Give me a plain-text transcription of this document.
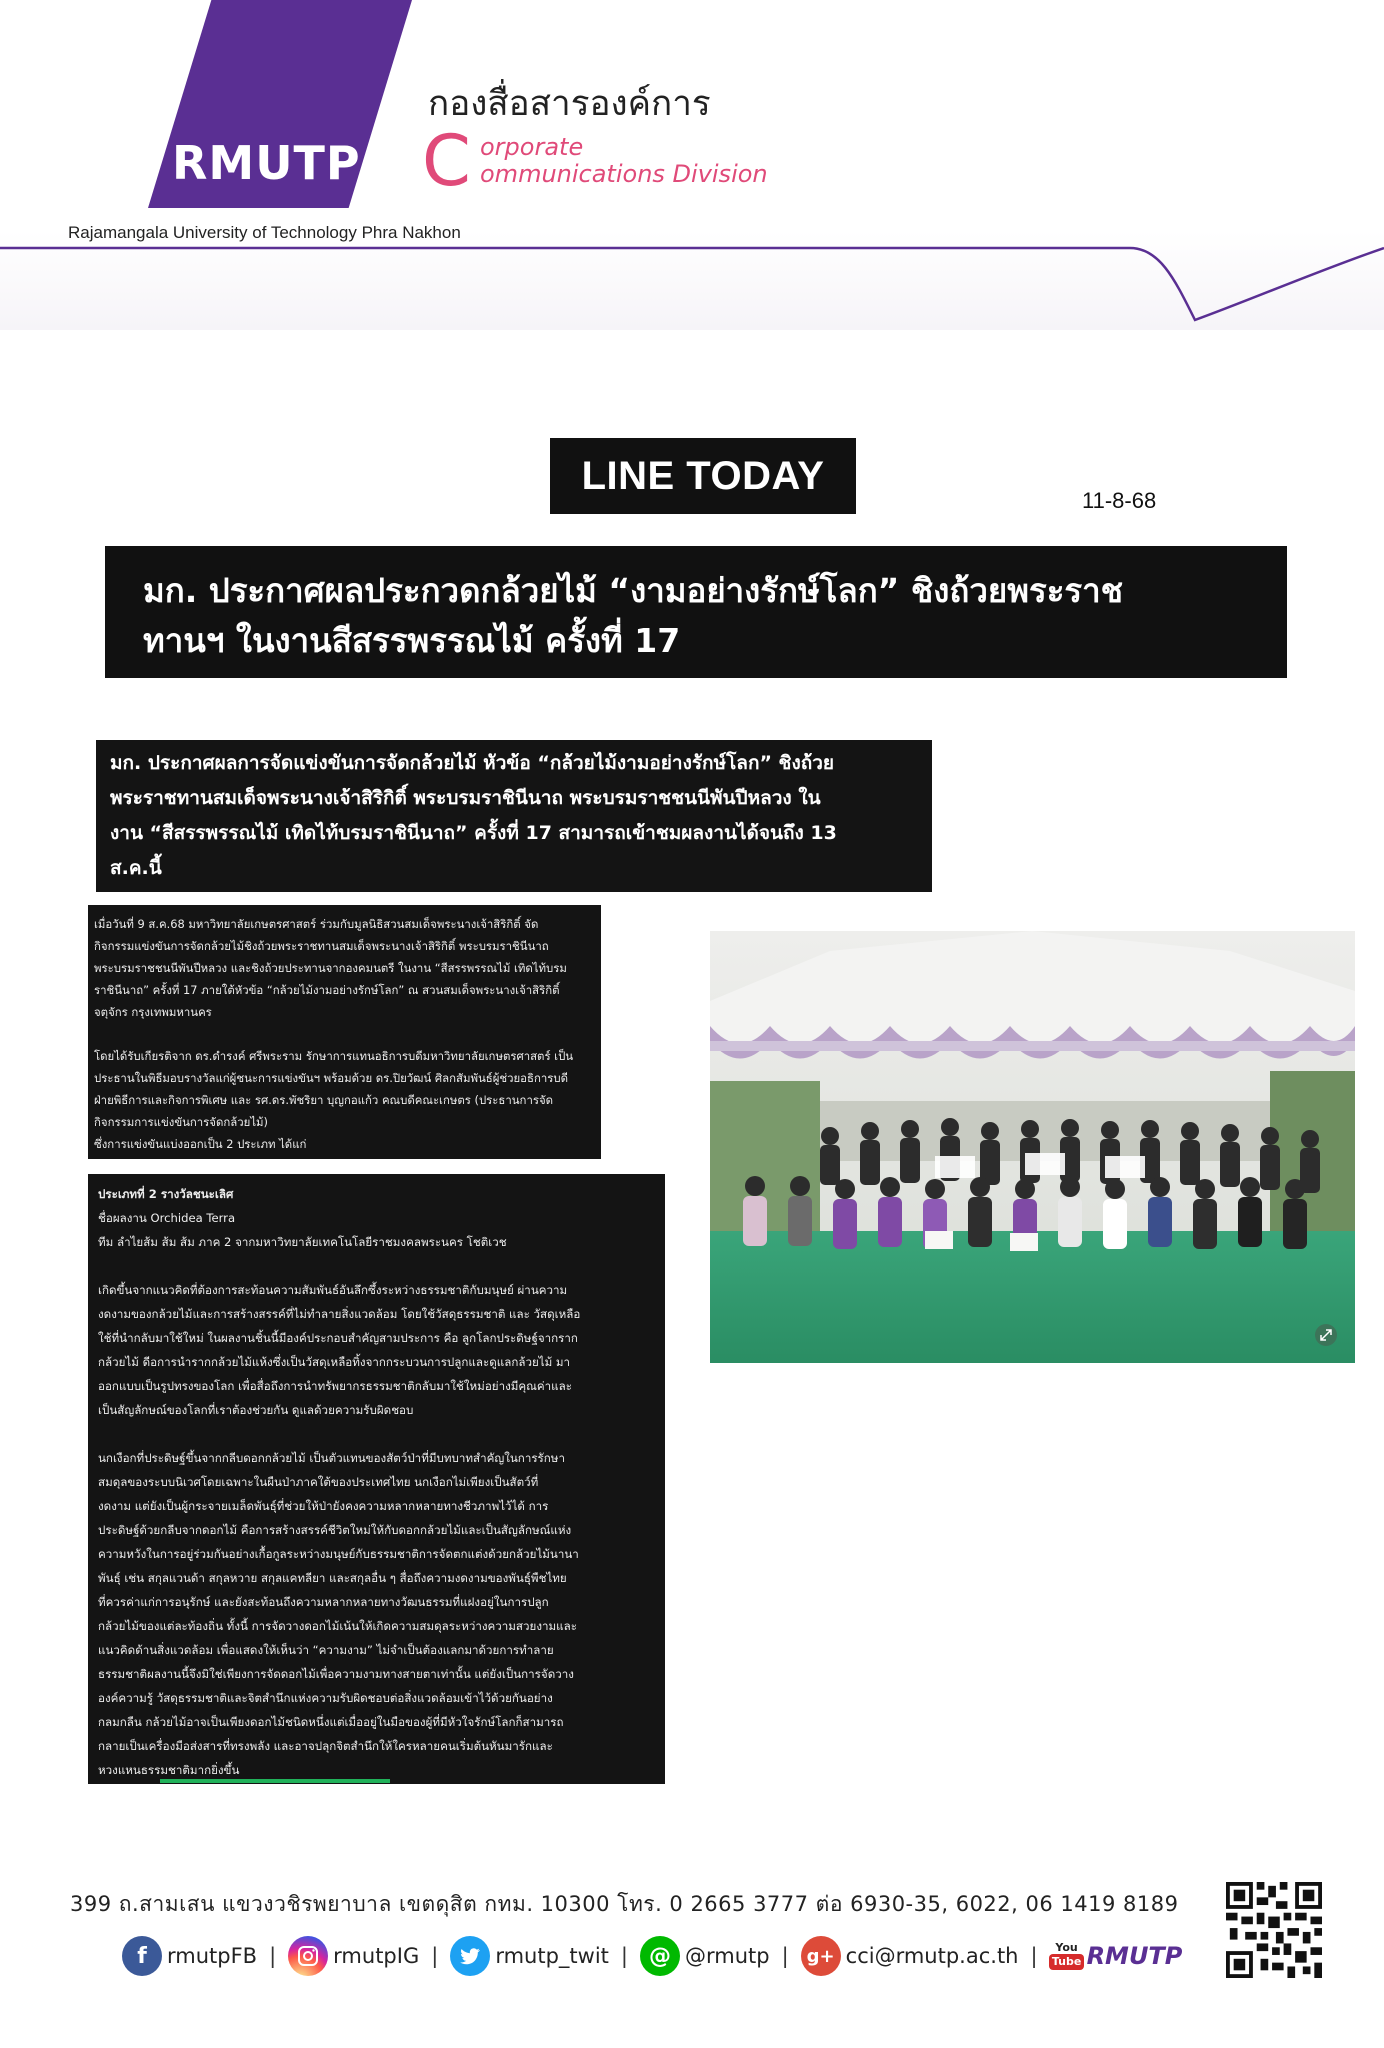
RMUTP
Rajamangala University of Technology Phra Nakhon
กองสื่อสารองค์การ
C orporate
ommunications Division
LINE TODAY
11-8-68
มก. ประกาศผลประกวดกล้วยไม้ “งามอย่างรักษ์โลก” ชิงถ้วยพระราช
ทานฯ ในงานสีสรรพรรณไม้ ครั้งที่ 17
มก. ประกาศผลการจัดแข่งขันการจัดกล้วยไม้ หัวข้อ “กล้วยไม้งามอย่างรักษ์โลก” ชิงถ้วย
พระราชทานสมเด็จพระนางเจ้าสิริกิติ์ พระบรมราชินีนาถ พระบรมราชชนนีพันปีหลวง ใน
งาน “สีสรรพรรณไม้ เทิดไท้บรมราชินีนาถ” ครั้งที่ 17 สามารถเข้าชมผลงานได้จนถึง 13
ส.ค.นี้

เมื่อวันที่ 9 ส.ค.68 มหาวิทยาลัยเกษตรศาสตร์ ร่วมกับมูลนิธิสวนสมเด็จพระนางเจ้าสิริกิติ์ จัด

กิจกรรมแข่งขันการจัดกล้วยไม้ชิงถ้วยพระราชทานสมเด็จพระนางเจ้าสิริกิติ์ พระบรมราชินีนาถ

พระบรมราชชนนีพันปีหลวง และชิงถ้วยประทานจากองคมนตรี ในงาน “สีสรรพรรณไม้ เทิดไท้บรม

ราชินีนาถ” ครั้งที่ 17 ภายใต้หัวข้อ “กล้วยไม้งามอย่างรักษ์โลก” ณ สวนสมเด็จพระนางเจ้าสิริกิติ์

จตุจักร กรุงเทพมหานคร

โดยได้รับเกียรติจาก ดร.ดำรงค์ ศรีพระราม รักษาการแทนอธิการบดีมหาวิทยาลัยเกษตรศาสตร์ เป็น

ประธานในพิธีมอบรางวัลแก่ผู้ชนะการแข่งขันฯ พร้อมด้วย ดร.ปิยวัฒน์ ศิลกสัมพันธ์ผู้ช่วยอธิการบดี

ฝ่ายพิธีการและกิจการพิเศษ และ รศ.ดร.พัชริยา บุญกอแก้ว คณบดีคณะเกษตร (ประธานการจัด

กิจกรรมการแข่งขันการจัดกล้วยไม้)

ซึ่งการแข่งขันแบ่งออกเป็น 2 ประเภท ได้แก่

ประเภทที่ 2 รางวัลชนะเลิศ

ชื่อผลงาน Orchidea Terra

ทีม ลำไยส้ม ส้ม ส้ม ภาค 2 จากมหาวิทยาลัยเทคโนโลยีราชมงคลพระนคร โชติเวช

เกิดขึ้นจากแนวคิดที่ต้องการสะท้อนความสัมพันธ์อันลึกซึ้งระหว่างธรรมชาติกับมนุษย์ ผ่านความ

งดงามของกล้วยไม้และการสร้างสรรค์ที่ไม่ทำลายสิ่งแวดล้อม โดยใช้วัสดุธรรมชาติ และ วัสดุเหลือ

ใช้ที่นำกลับมาใช้ใหม่ ในผลงานชิ้นนี้มีองค์ประกอบสำคัญสามประการ คือ ลูกโลกประดิษฐ์จากราก

กล้วยไม้ ดีอการนำรากกล้วยไม้แห้งซึ่งเป็นวัสดุเหลือทิ้งจากกระบวนการปลูกและดูแลกล้วยไม้ มา

ออกแบบเป็นรูปทรงของโลก เพื่อสื่อถึงการนำทรัพยากรธรรมชาติกลับมาใช้ใหม่อย่างมีคุณค่าและ

เป็นสัญลักษณ์ของโลกที่เราต้องช่วยกัน ดูแลด้วยความรับผิดชอบ

นกเงือกที่ประดิษฐ์ขึ้นจากกลีบดอกกล้วยไม้ เป็นตัวแทนของสัตว์ป่าที่มีบทบาทสำคัญในการรักษา

สมดุลของระบบนิเวศโดยเฉพาะในผืนป่าภาคใต้ของประเทศไทย นกเงือกไม่เพียงเป็นสัตว์ที่

งดงาม แต่ยังเป็นผู้กระจายเมล็ดพันธุ์ที่ช่วยให้ป่ายังคงความหลากหลายทางชีวภาพไว้ได้ การ

ประดิษฐ์ด้วยกลีบจากดอกไม้ คือการสร้างสรรค์ชีวิตใหม่ให้กับดอกกล้วยไม้และเป็นสัญลักษณ์แห่ง

ความหวังในการอยู่ร่วมกันอย่างเกื้อกูลระหว่างมนุษย์กับธรรมชาติการจัดตกแต่งด้วยกล้วยไม้นานา

พันธุ์ เช่น สกุลแวนด้า สกุลหวาย สกุลแคทลียา และสกุลอื่น ๆ สื่อถึงความงดงามของพันธุ์พืชไทย

ที่ควรค่าแก่การอนุรักษ์ และยังสะท้อนถึงความหลากหลายทางวัฒนธรรมที่แฝงอยู่ในการปลูก

กล้วยไม้ของแต่ละท้องถิ่น ทั้งนี้ การจัดวางดอกไม้เน้นให้เกิดความสมดุลระหว่างความสวยงามและ

แนวคิดด้านสิ่งแวดล้อม เพื่อแสดงให้เห็นว่า “ความงาม” ไม่จำเป็นต้องแลกมาด้วยการทำลาย

ธรรมชาติผลงานนี้จึงมิใช่เพียงการจัดดอกไม้เพื่อความงามทางสายตาเท่านั้น แต่ยังเป็นการจัดวาง

องค์ความรู้ วัสดุธรรมชาติและจิตสำนึกแห่งความรับผิดชอบต่อสิ่งแวดล้อมเข้าไว้ด้วยกันอย่าง

กลมกลืน กล้วยไม้อาจเป็นเพียงดอกไม้ชนิดหนึ่งแต่เมื่ออยู่ในมือของผู้ที่มีหัวใจรักษ์โลกก็สามารถ

กลายเป็นเครื่องมือส่งสารที่ทรงพลัง และอาจปลุกจิตสำนึกให้ใครหลายคนเริ่มต้นหันมารักและ

หวงแหนธรรมชาติมากยิ่งขึ้น

399 ถ.สามเสน แขวงวชิรพยาบาล เขตดุสิต กทม. 10300 โทร. 0 2665 3777 ต่อ 6930-35, 6022, 06 1419 8189
f rmutpFB |	rmutpIG |	rmutp_twit | @ @rmutp |	g+ cci@rmutp.ac.th | You
Tube RMUTP
